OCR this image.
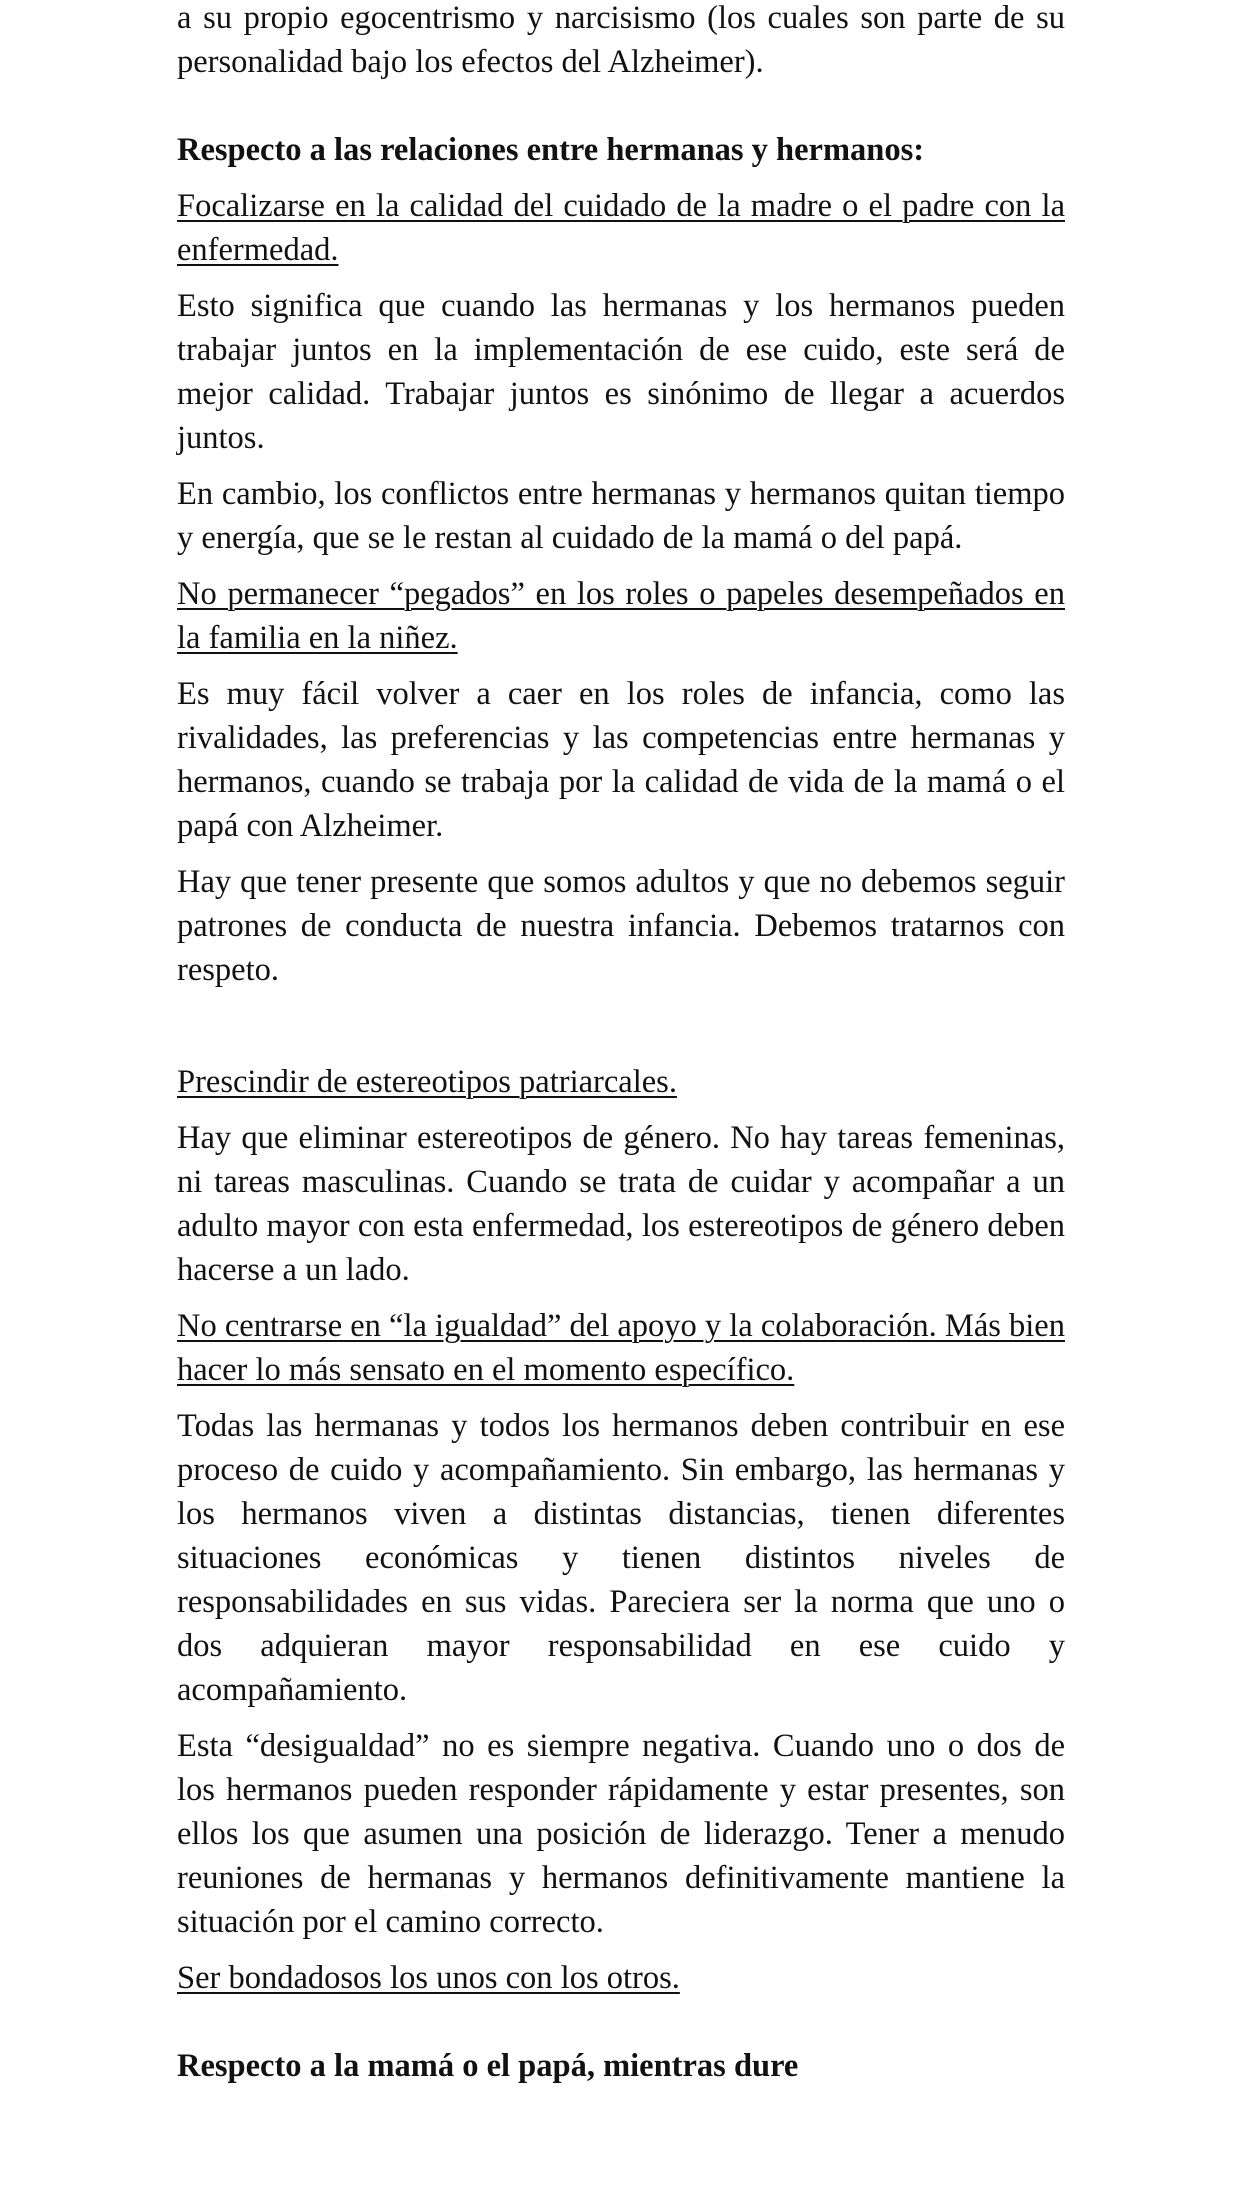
a su propio egocentrismo y narcisismo (los cuales son parte de su personalidad bajo los efectos del Alzheimer).

Respecto a las relaciones entre hermanas y hermanos:

Focalizarse en la calidad del cuidado de la madre o el padre con la enfermedad.

Esto significa que cuando las hermanas y los hermanos pueden trabajar juntos en la implementación de ese cuido, este será de mejor calidad. Trabajar juntos es sinónimo de llegar a acuerdos juntos.

En cambio, los conflictos entre hermanas y hermanos quitan tiempo y energía, que se le restan al cuidado de la mamá o del papá.

No permanecer “pegados” en los roles o papeles desempeñados en la familia en la niñez.

Es muy fácil volver a caer en los roles de infancia, como las rivalidades, las preferencias y las competencias entre hermanas y hermanos, cuando se trabaja por la calidad de vida de la mamá o el papá con Alzheimer.

Hay que tener presente que somos adultos y que no debemos seguir patrones de conducta de nuestra infancia. Debemos tratarnos con respeto.

Prescindir de estereotipos patriarcales.

Hay que eliminar estereotipos de género. No hay tareas femeninas, ni tareas masculinas. Cuando se trata de cuidar y acompañar a un adulto mayor con esta enfermedad, los estereotipos de género deben hacerse a un lado.

No centrarse en “la igualdad” del apoyo y la colaboración. Más bien hacer lo más sensato en el momento específico.

Todas las hermanas y todos los hermanos deben contribuir en ese proceso de cuido y acompañamiento. Sin embargo, las hermanas y los hermanos viven a distintas distancias, tienen diferentes situaciones económicas y tienen distintos niveles de responsabilidades en sus vidas. Pareciera ser la norma que uno o dos adquieran mayor responsabilidad en ese cuido y acompañamiento.

Esta “desigualdad” no es siempre negativa. Cuando uno o dos de los hermanos pueden responder rápidamente y estar presentes, son ellos los que asumen una posición de liderazgo. Tener a menudo reuniones de hermanas y hermanos definitivamente mantiene la situación por el camino correcto.

Ser bondadosos los unos con los otros.

Respecto a la mamá o el papá, mientras dure
